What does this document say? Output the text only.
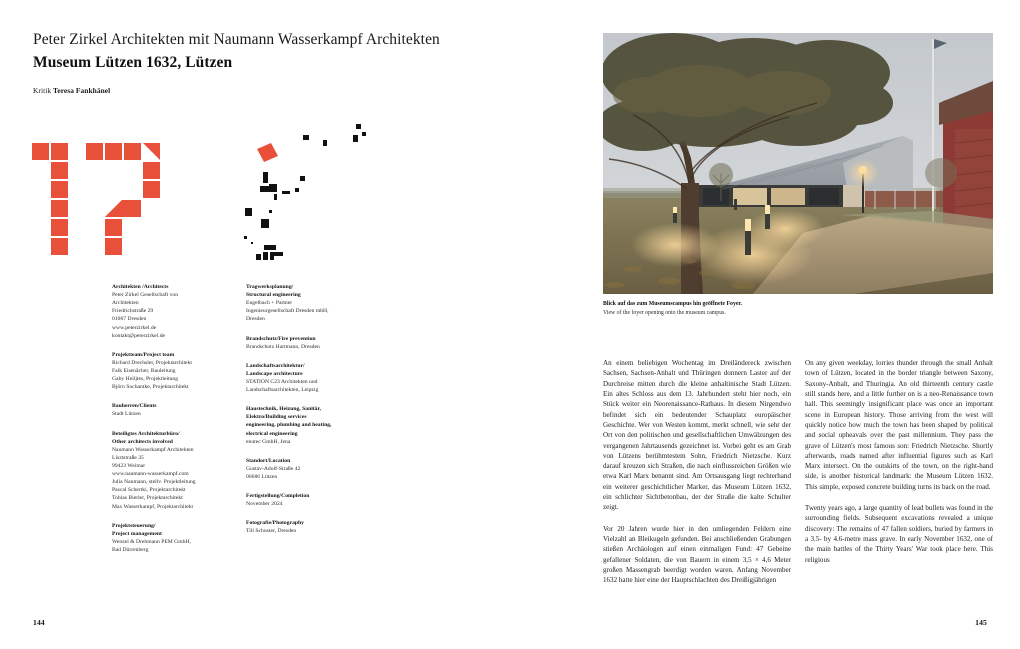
Peter Zirkel Architekten mit Naumann Wasserkampf Architekten
Museum Lützen 1632, Lützen
Kritik Teresa Fankhänel

Architekten /Architects

Peter Zirkel Gesellschaft von

Architekten

Friedrichstraße 29

01067 Dresden

www.peterzirkel.de

kontakt@peterzirkel.de

Projektteam/Project team

Richard Drechsler, Projektarchitekt

Falk Eisenächer, Bauleitung

Gaby Heiljtes, Projektleitung

Björn Suchantke, Projektarchitekt

Bauherren/Clients

Stadt Lützen

Beteiligtes Architekturbüro/

Other architects involved

Naumann Wasserkampf Architekten

Lisztstraße 35

99423 Weimar

www.naumann-wasserkampf.com

Julia Naumann, stellv. Projektleitung

Pascal Schertki, Projektarchitekt

Tobias Bierler, Projektarchitekt

Max Wasserkampf, Projektarchitekt

Projektsteuerung/

Project management

Wenzel & Drehmann PEM GmbH,

Bad Dürrenberg

Tragwerksplanung/

Structural engineering

Engelbach + Partner

Ingenieurgesellschaft Dresden mbH,

Dresden

Brandschutz/Fire prevention

Brandschutz Hartmann, Dresden

Landschaftsarchitektur/

Landscape architecture

STATION C23 Architekten und

Landschaftsarchitekten, Leipzig

Haustechnik, Heizung, Sanitär,

Elektro/Building services

engineering, plumbing and heating,

electrical engineering

enutec GmbH, Jena

Standort/Location

Gustav-Adolf-Straße 42

06686 Lützen

Fertigstellung/Completion

November 2024

Fotografie/Photography

Till Schuster, Dresden

144

Blick auf das zum Museumscampus hin geöffnete Foyer.

View of the foyer opening onto the museum campus.

An einem beliebigen Wochentag im Dreiländereck zwischen Sachsen, Sachsen-Anhalt und Thüringen donnern Laster auf der Durchreise mitten durch die kleine anhaltinische Stadt Lützen. Ein altes Schloss aus dem 13. Jahrhundert steht hier noch, ein Stück weiter ein Neorenaissance-Rathaus. In diesem Nirgendwo befindet sich ein bedeutender Schauplatz europäischer Geschichte. Wer von Westen kommt, merkt schnell, wie sehr der Ort von den politischen und gesellschaftlichen Umwälzungen des vergangenen Jahrtausends gezeichnet ist. Vorbei geht es am Grab von Lützens berühmtestem Sohn, Friedrich Nietzsche. Kurz darauf kreuzen sich Straßen, die nach einflussreichen Größen wie etwa Karl Marx benannt sind. Am Ortsausgang liegt rechterhand ein weiterer geschichtlicher Marker, das Museum Lützen 1632, ein schlichter Sichtbetonbau, der der Straße die kalte Schulter zeigt.

Vor 20 Jahren wurde hier in den umliegenden Feldern eine Vielzahl an Bleikugeln gefunden. Bei anschließenden Grabungen stießen Archäologen auf einen einmaligen Fund: 47 Gebeine gefallener Soldaten, die von Bauern in einem 3,5 × 4,6 Meter großen Massengrab beerdigt worden waren. Anfang November 1632 hatte hier eine der Hauptschlachten des Dreißigjährigen

On any given weekday, lorries thunder through the small Anhalt town of Lützen, located in the border triangle between Saxony, Saxony-Anhalt, and Thuringia. An old thirteenth century castle still stands here, and a little further on is a neo-Renaissance town hall. This seemingly insignificant place was once an important scene in European history. Those arriving from the west will quickly notice how much the town has been shaped by political and social upheavals over the past millennium. They pass the grave of Lützen's most famous son: Friedrich Nietzsche. Shortly afterwards, roads named after influential figures such as Karl Marx intersect. On the outskirts of the town, on the right-hand side, is another historical landmark: the Museum Lützen 1632. This simple, exposed concrete building turns its back on the road.

Twenty years ago, a large quantity of lead bullets was found in the surrounding fields. Subsequent excavations revealed a unique discovery: The remains of 47 fallen soldiers, buried by farmers in a 3.5- by 4.6-metre mass grave. In early November 1632, one of the main battles of the Thirty Years' War took place here. This religious

145
